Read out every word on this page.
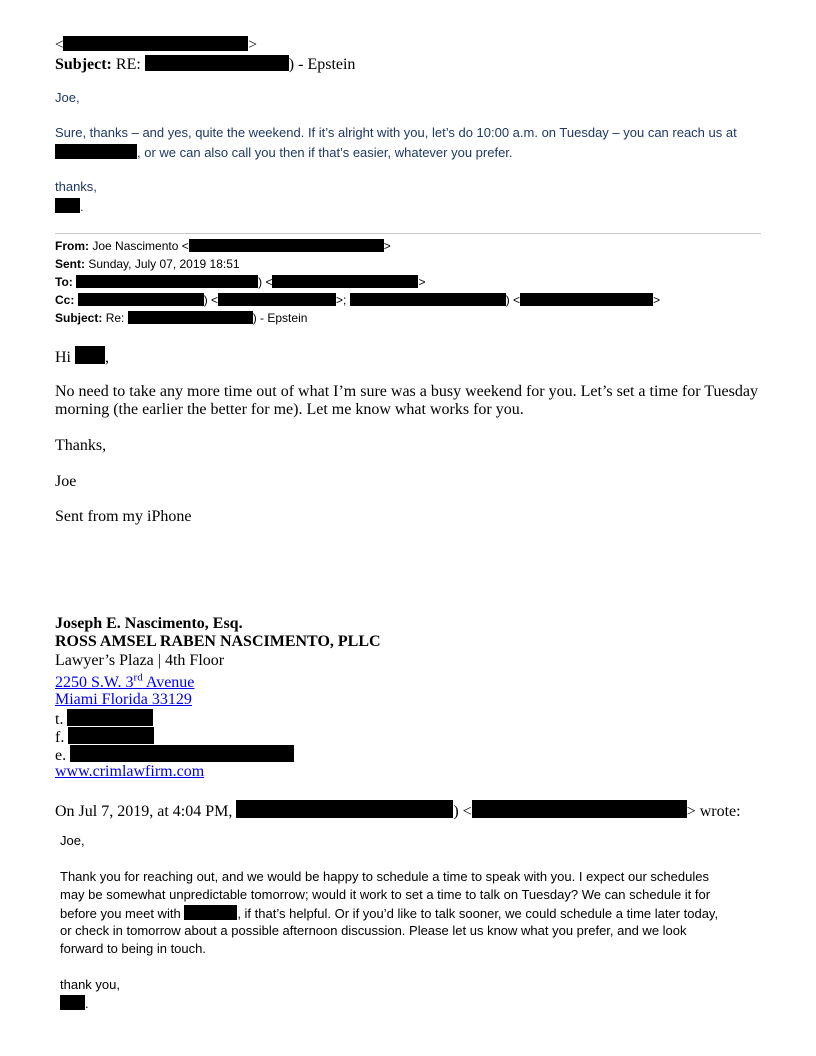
<	>
Subject: RE:	) - Epstein
Joe,
Sure, thanks – and yes, quite the weekend. If it’s alright with you, let’s do 10:00 a.m. on Tuesday – you can reach us at
, or we can also call you then if that’s easier, whatever you prefer.
thanks,
.
From: Joe Nascimento <	>
Sent: Sunday, July 07, 2019 18:51
To:	) <	>
Cc:	) <	>;	) <	>
Subject: Re:	) - Epstein
Hi ,
No need to take any more time out of what I’m sure was a busy weekend for you. Let’s set a time for Tuesday
morning (the earlier the better for me). Let me know what works for you.
Thanks,
Joe
Sent from my iPhone
Joseph E. Nascimento, Esq.
ROSS AMSEL RABEN NASCIMENTO, PLLC
Lawyer’s Plaza | 4th Floor
2250 S.W. 3rd Avenue
Miami Florida 33129
t.
f.
e.
www.crimlawfirm.com
On Jul 7, 2019, at 4:04 PM,	) <	> wrote:
Joe,
Thank you for reaching out, and we would be happy to schedule a time to speak with you. I expect our schedules
may be somewhat unpredictable tomorrow; would it work to set a time to talk on Tuesday? We can schedule it for
before you meet with	, if that’s helpful. Or if you’d like to talk sooner, we could schedule a time later today,
or check in tomorrow about a possible afternoon discussion. Please let us know what you prefer, and we look
forward to being in touch.
thank you,
.
